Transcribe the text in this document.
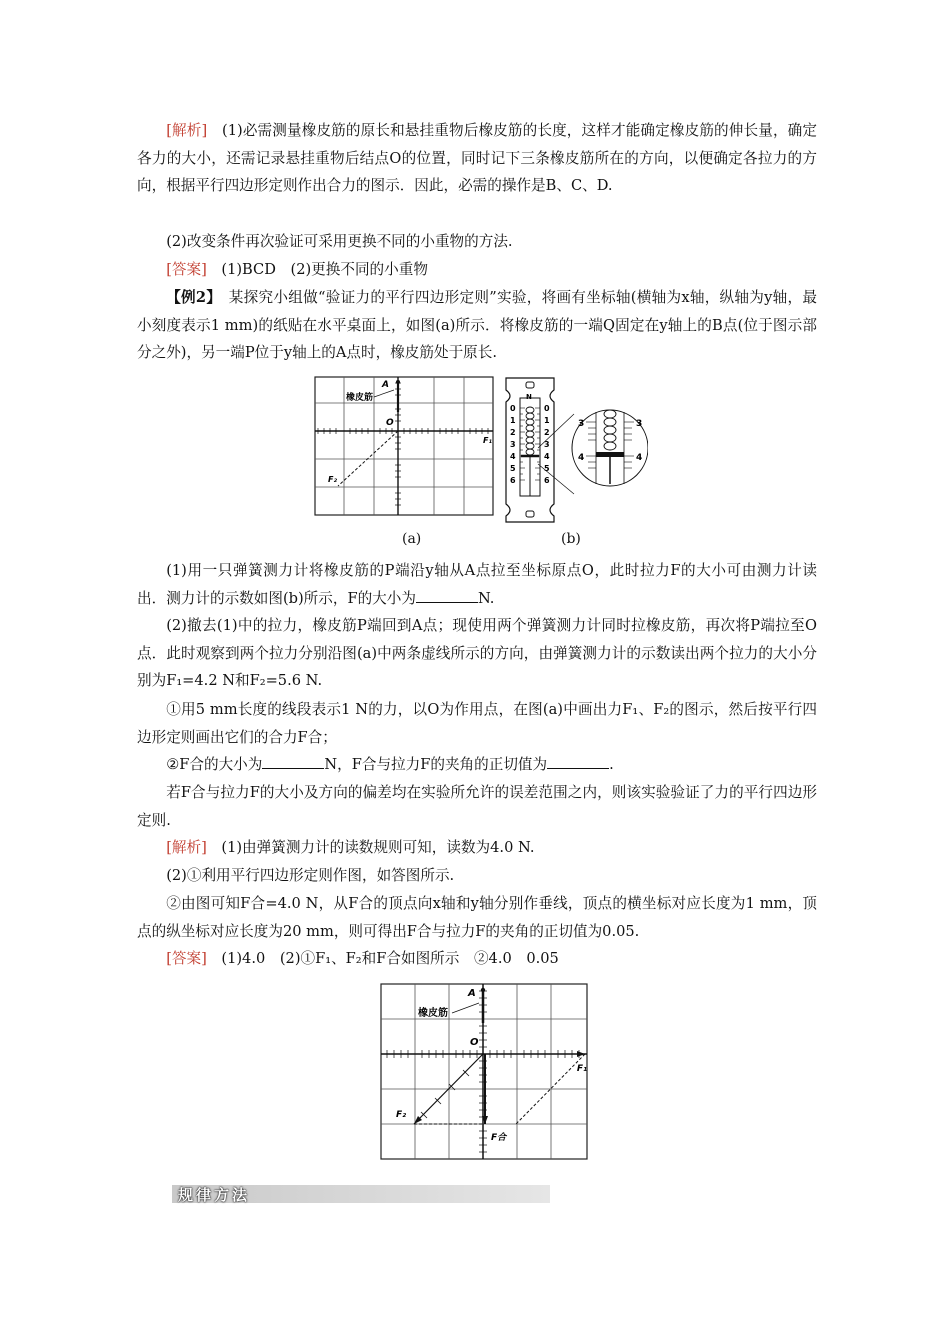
[解析]　 (1)必需测量橡皮筋的原长和悬挂重物后橡皮筋的长度，这样才能确定橡皮筋的伸长量，确定各力的大小，还需记录悬挂重物后结点O的位置，同时记下三条橡皮筋所在的方向，以便确定各拉力的方向，根据平行四边形定则作出合力的图示．因此，必需的操作是B、C、D.
(2)改变条件再次验证可采用更换不同的小重物的方法.
[答案]　 (1)BCD　(2)更换不同的小重物
【例2】　 某探究小组做“验证力的平行四边形定则”实验，将画有坐标轴(横轴为x轴，纵轴为y轴，最小刻度表示1 mm)的纸贴在水平桌面上，如图(a)所示．将橡皮筋的一端Q固定在y轴上的B点(位于图示部分之外)，另一端P位于y轴上的A点时，橡皮筋处于原长.
A
橡皮筋
O
F₁
F₂
(a)
N
0
1
2
3
4
5
6
0
1
2
3
4
5
6
3
4
3
4
(b)
(1)用一只弹簧测力计将橡皮筋的P端沿y轴从A点拉至坐标原点O，此时拉力F的大小可由测力计读出．测力计的示数如图(b)所示，F的大小为	N.
(2)撤去(1)中的拉力，橡皮筋P端回到A点；现使用两个弹簧测力计同时拉橡皮筋，再次将P端拉至O点．此时观察到两个拉力分别沿图(a)中两条虚线所示的方向，由弹簧测力计的示数读出两个拉力的大小分别为F₁=4.2 N和F₂=5.6 N.
①用5 mm长度的线段表示1 N的力，以O为作用点，在图(a)中画出力F₁、F₂的图示，然后按平行四边形定则画出它们的合力F合；
②F合的大小为	N，F合与拉力F的夹角的正切值为	.
若F合与拉力F的大小及方向的偏差均在实验所允许的误差范围之内，则该实验验证了力的平行四边形定则.
[解析]　 (1)由弹簧测力计的读数规则可知，读数为4.0 N.
(2)①利用平行四边形定则作图，如答图所示.
②由图可知F合=4.0 N，从F合的顶点向x轴和y轴分别作垂线，顶点的横坐标对应长度为1 mm，顶点的纵坐标对应长度为20 mm，则可得出F合与拉力F的夹角的正切值为0.05.
[答案]　 (1)4.0　(2)①F₁、F₂和F合如图所示　②4.0　0.05
A
橡皮筋
O
F₁
F₂
F合
规律方法
